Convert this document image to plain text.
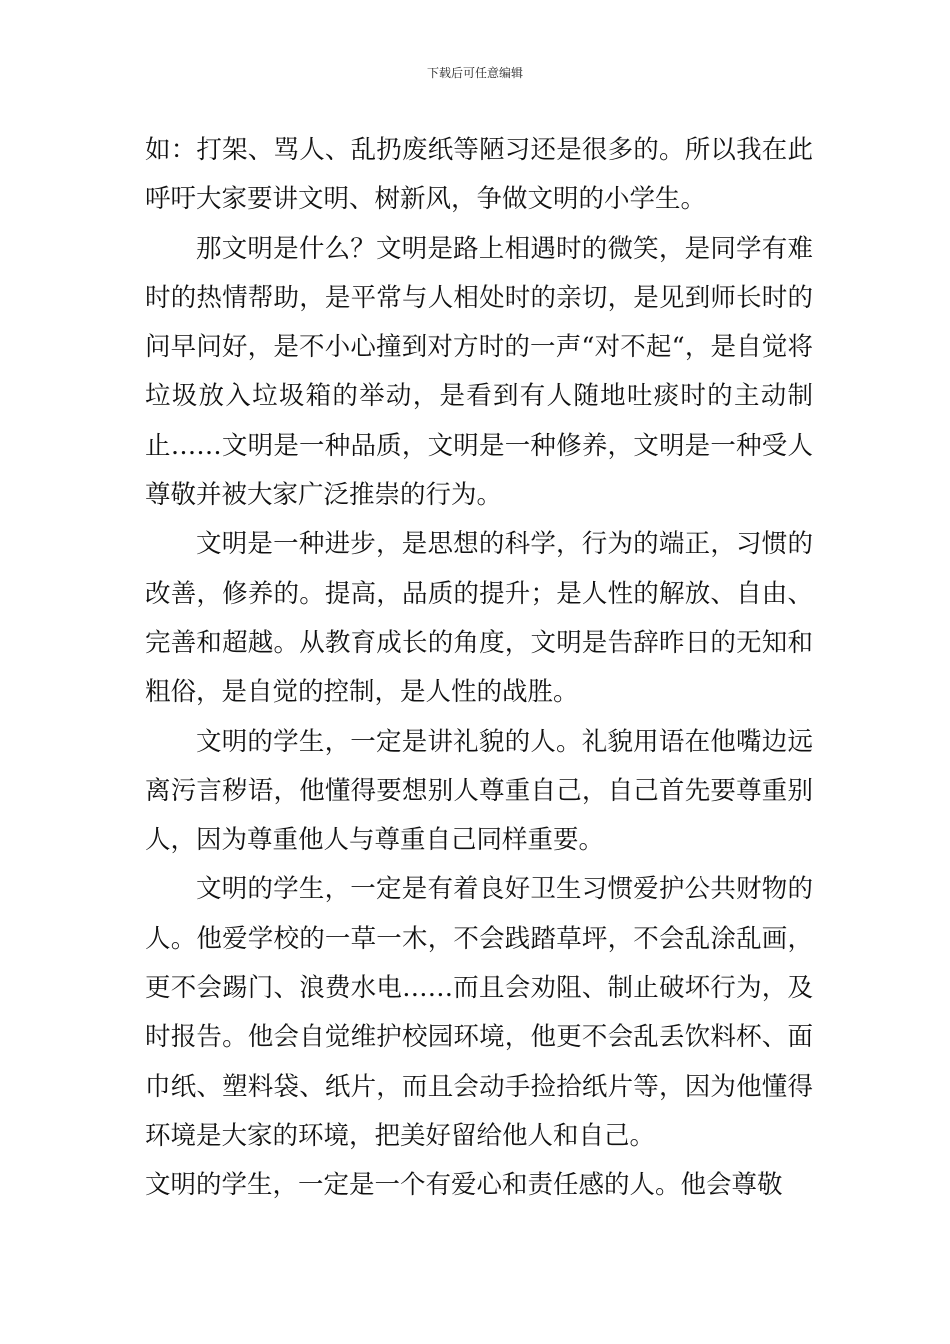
下载后可任意编辑

如：打架、骂人、乱扔废纸等陋习还是很多的。所以我在此呼吁大家要讲文明、树新风，争做文明的小学生。

那文明是什么？文明是路上相遇时的微笑，是同学有难时的热情帮助，是平常与人相处时的亲切，是见到师长时的问早问好，是不小心撞到对方时的一声“对不起“，是自觉将垃圾放入垃圾箱的举动，是看到有人随地吐痰时的主动制止……文明是一种品质，文明是一种修养，文明是一种受人尊敬并被大家广泛推崇的行为。

文明是一种进步，是思想的科学，行为的端正，习惯的改善，修养的。提高，品质的提升；是人性的解放、自由、完善和超越。从教育成长的角度，文明是告辞昨日的无知和粗俗，是自觉的控制，是人性的战胜。

文明的学生，一定是讲礼貌的人。礼貌用语在他嘴边远离污言秽语，他懂得要想别人尊重自己，自己首先要尊重别人，因为尊重他人与尊重自己同样重要。

文明的学生，一定是有着良好卫生习惯爱护公共财物的人。他爱学校的一草一木，不会践踏草坪，不会乱涂乱画，更不会踢门、浪费水电……而且会劝阻、制止破坏行为，及时报告。他会自觉维护校园环境，他更不会乱丢饮料杯、面巾纸、塑料袋、纸片，而且会动手捡拾纸片等，因为他懂得环境是大家的环境，把美好留给他人和自己。

文明的学生，一定是一个有爱心和责任感的人。他会尊敬
